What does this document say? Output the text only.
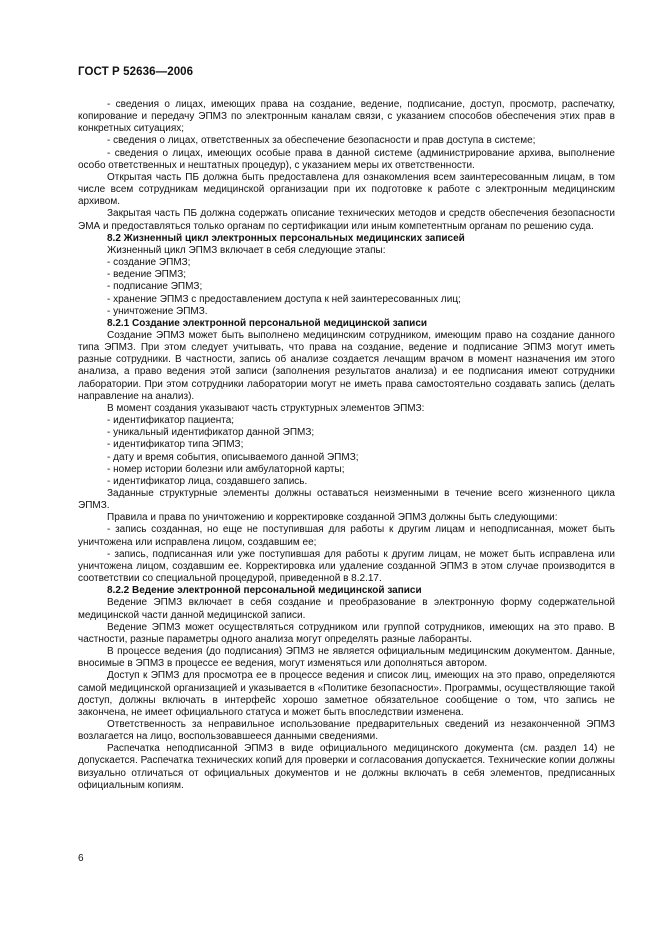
ГОСТ Р 52636—2006

- сведения о лицах, имеющих права на создание, ведение, подписание, доступ, просмотр, распечатку, копирование и передачу ЭПМЗ по электронным каналам связи, с указанием способов обеспечения этих прав в конкретных ситуациях;

- сведения о лицах, ответственных за обеспечение безопасности и прав доступа в системе;

- сведения о лицах, имеющих особые права в данной системе (администрирование архива, выполнение особо ответственных и нештатных процедур), с указанием меры их ответственности.

Открытая часть ПБ должна быть предоставлена для ознакомления всем заинтересованным лицам, в том числе всем сотрудникам медицинской организации при их подготовке к работе с электронным медицинским архивом.

Закрытая часть ПБ должна содержать описание технических методов и средств обеспечения безопасности ЭМА и предоставляться только органам по сертификации или иным компетентным органам по решению суда.

8.2 Жизненный цикл электронных персональных медицинских записей

Жизненный цикл ЭПМЗ включает в себя следующие этапы:

- создание ЭПМЗ;

- ведение ЭПМЗ;

- подписание ЭПМЗ;

- хранение ЭПМЗ с предоставлением доступа к ней заинтересованных лиц;

- уничтожение ЭПМЗ.

8.2.1 Создание электронной персональной медицинской записи

Создание ЭПМЗ может быть выполнено медицинским сотрудником, имеющим право на создание данного типа ЭПМЗ. При этом следует учитывать, что права на создание, ведение и подписание ЭПМЗ могут иметь разные сотрудники. В частности, запись об анализе создается лечащим врачом в момент назначения им этого анализа, а право ведения этой записи (заполнения результатов анализа) и ее подписания имеют сотрудники лаборатории. При этом сотрудники лаборатории могут не иметь права самостоятельно создавать запись (делать направление на анализ).

В момент создания указывают часть структурных элементов ЭПМЗ:

- идентификатор пациента;

- уникальный идентификатор данной ЭПМЗ;

- идентификатор типа ЭПМЗ;

- дату и время события, описываемого данной ЭПМЗ;

- номер истории болезни или амбулаторной карты;

- идентификатор лица, создавшего запись.

Заданные структурные элементы должны оставаться неизменными в течение всего жизненного цикла ЭПМЗ.

Правила и права по уничтожению и корректировке созданной ЭПМЗ должны быть следующими:

- запись созданная, но еще не поступившая для работы к другим лицам и неподписанная, может быть уничтожена или исправлена лицом, создавшим ее;

- запись, подписанная или уже поступившая для работы к другим лицам, не может быть исправлена или уничтожена лицом, создавшим ее. Корректировка или удаление созданной ЭПМЗ в этом случае производится в соответствии со специальной процедурой, приведенной в 8.2.17.

8.2.2 Ведение электронной персональной медицинской записи

Ведение ЭПМЗ включает в себя создание и преобразование в электронную форму содержательной медицинской части данной медицинской записи.

Ведение ЭПМЗ может осуществляться сотрудником или группой сотрудников, имеющих на это право. В частности, разные параметры одного анализа могут определять разные лаборанты.

В процессе ведения (до подписания) ЭПМЗ не является официальным медицинским документом. Данные, вносимые в ЭПМЗ в процессе ее ведения, могут изменяться или дополняться автором.

Доступ к ЭПМЗ для просмотра ее в процессе ведения и список лиц, имеющих на это право, определяются самой медицинской организацией и указывается в «Политике безопасности». Программы, осуществляющие такой доступ, должны включать в интерфейс хорошо заметное обязательное сообщение о том, что запись не закончена, не имеет официального статуса и может быть впоследствии изменена.

Ответственность за неправильное использование предварительных сведений из незаконченной ЭПМЗ возлагается на лицо, воспользовавшееся данными сведениями.

Распечатка неподписанной ЭПМЗ в виде официального медицинского документа (см. раздел 14) не допускается. Распечатка технических копий для проверки и согласования допускается. Технические копии должны визуально отличаться от официальных документов и не должны включать в себя элементов, предписанных официальным копиям.

6
